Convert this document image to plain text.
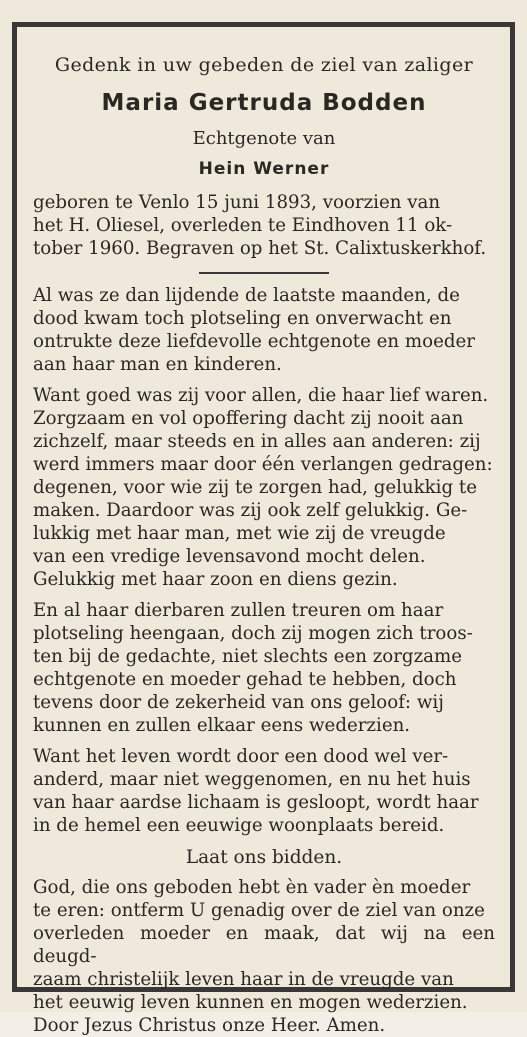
Gedenk in uw gebeden de ziel van zaliger
Maria Gertruda Bodden
Echtgenote van
Hein Werner
geboren te Venlo 15 juni 1893, voorzien van
het H. Oliesel, overleden te Eindhoven 11 ok-
tober 1960. Begraven op het St. Calixtuskerkhof.
Al was ze dan lijdende de laatste maanden, de
dood kwam toch plotseling en onverwacht en
ontrukte deze liefdevolle echtgenote en moeder
aan haar man en kinderen.
Want goed was zij voor allen, die haar lief waren.
Zorgzaam en vol opoffering dacht zij nooit aan
zichzelf, maar steeds en in alles aan anderen: zij
werd immers maar door één verlangen gedragen:
degenen, voor wie zij te zorgen had, gelukkig te
maken. Daardoor was zij ook zelf gelukkig. Ge-
lukkig met haar man, met wie zij de vreugde
van een vredige levensavond mocht delen.
Gelukkig met haar zoon en diens gezin.
En al haar dierbaren zullen treuren om haar
plotseling heengaan, doch zij mogen zich troos-
ten bij de gedachte, niet slechts een zorgzame
echtgenote en moeder gehad te hebben, doch
tevens door de zekerheid van ons geloof: wij
kunnen en zullen elkaar eens wederzien.
Want het leven wordt door een dood wel ver-
anderd, maar niet weggenomen, en nu het huis
van haar aardse lichaam is gesloopt, wordt haar
in de hemel een eeuwige woonplaats bereid.
Laat ons bidden.
God, die ons geboden hebt èn vader èn moeder
te eren: ontferm U genadig over de ziel van onze
overleden moeder en maak, dat wij na een deugd-
zaam christelijk leven haar in de vreugde van
het eeuwig leven kunnen en mogen wederzien.
Door Jezus Christus onze Heer. Amen.
